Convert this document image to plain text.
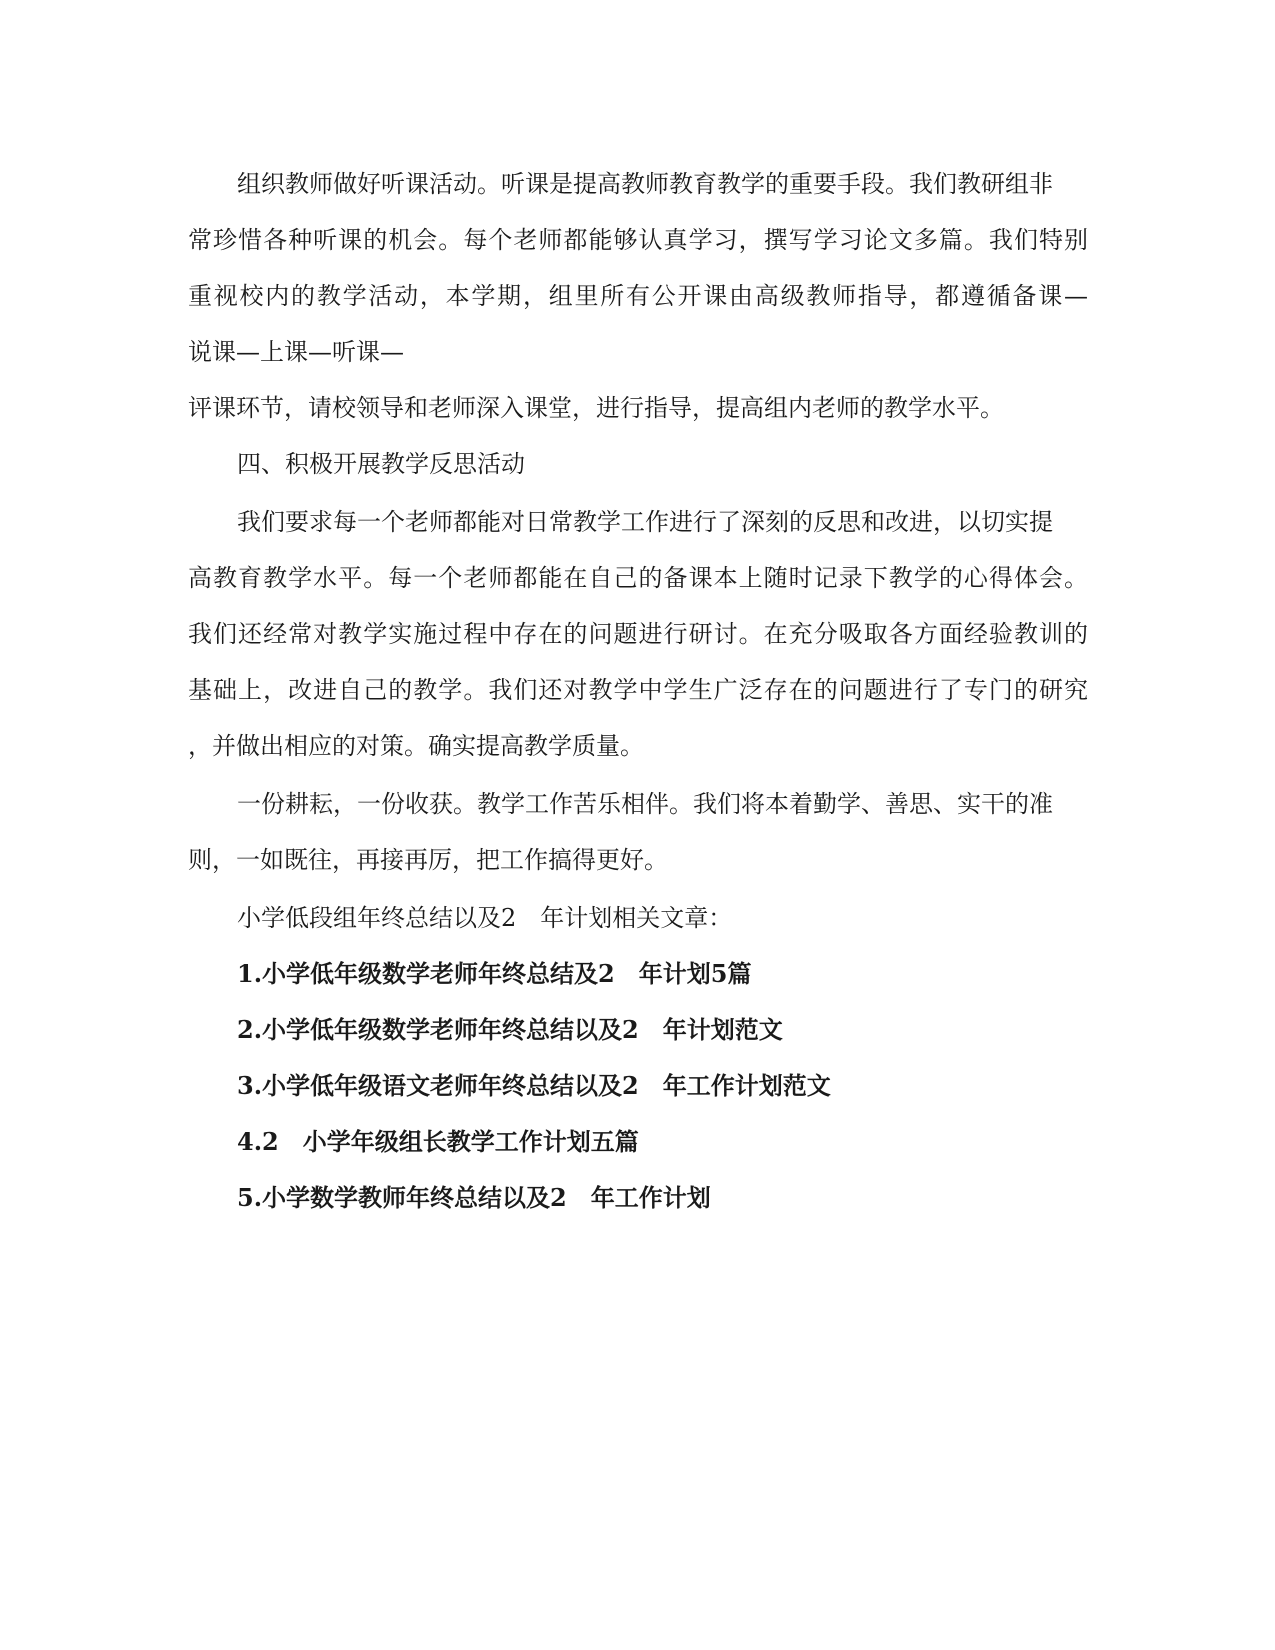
组织教师做好听课活动。听课是提高教师教育教学的重要手段。我们教研组非

常珍惜各种听课的机会。每个老师都能够认真学习，撰写学习论文多篇。我们特别

重视校内的教学活动，本学期，组里所有公开课由高级教师指导，都遵循备课—

说课—上课—听课—

评课环节，请校领导和老师深入课堂，进行指导，提高组内老师的教学水平。

四、积极开展教学反思活动

我们要求每一个老师都能对日常教学工作进行了深刻的反思和改进，以切实提

高教育教学水平。每一个老师都能在自己的备课本上随时记录下教学的心得体会。

我们还经常对教学实施过程中存在的问题进行研讨。在充分吸取各方面经验教训的

基础上，改进自己的教学。我们还对教学中学生广泛存在的问题进行了专门的研究

，并做出相应的对策。确实提高教学质量。

一份耕耘，一份收获。教学工作苦乐相伴。我们将本着勤学、善思、实干的准

则，一如既往，再接再厉，把工作搞得更好。

小学低段组年终总结以及2　年计划相关文章：

1.小学低年级数学老师年终总结及2　年计划5篇
2.小学低年级数学老师年终总结以及2　年计划范文
3.小学低年级语文老师年终总结以及2　年工作计划范文
4.2　小学年级组长教学工作计划五篇
5.小学数学教师年终总结以及2　年工作计划
